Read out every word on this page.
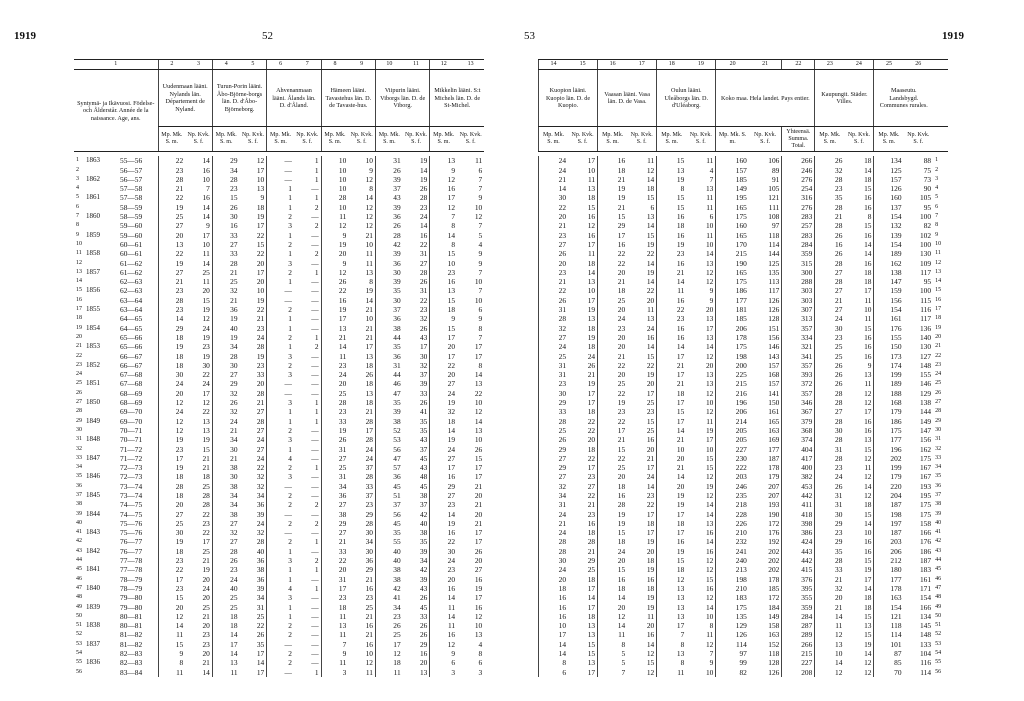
1919	52
1			2	3	4	5	6	7	8	9	10	11	12	13
Syntymä- ja Ikävuosi. Födelse- och Ålderstår. Année de la naissance. Age, ans.			Uudenmaan lääni. Nylands län. Département de Nyland.		Turun-Porin lääni. Åbo-Björne-borgs län. D. d'Åbo-Björneborg.		Ahvenanmaan lääni. Ålands län. D. d'Åland.		Hämeen lääni. Tavastehus län. D. de Tavaste-hus.		Viipurin lääni. Viborgs län. D. de Viborg.		Mikkelin lääni. S:t Michels län. D. de St-Michel.	
			Mp. Mk. S. m.	Np. Kvk. S. f.	Mp. Mk. S. m.	Np. Kvk. S. f.	Mp. Mk. S. m.	Np. Kvk. S. f.	Mp. Mk. S. m.	Np. Kvk. S. f.	Mp. Mk. S. m.	Np. Kvk. S. f.	Mp. Mk. S. m.	Np. Kvk. S. f.

1	1863	55—56	22	14	29	12	—	1	10	10	31	19	13	11
2		56—57	23	16	34	17	—	1	10	9	26	14	9	6
3	1862	56—57	28	10	28	10	—	1	10	12	39	19	12	7
4		57—58	21	7	23	13	1	—	10	8	37	26	16	7
5	1861	57—58	22	16	15	9	1	1	28	14	43	28	17	9
6		58—59	19	14	26	18	1	2	10	12	39	23	12	10
7	1860	58—59	25	14	30	19	2	—	11	12	36	24	7	12
8		59—60	27	9	16	17	3	2	12	12	26	14	8	7
9	1859	59—60	20	17	33	22	1	—	9	21	28	16	14	5
10		60—61	13	10	27	15	2	—	19	10	42	22	8	4
11	1858	60—61	22	11	33	22	1	2	20	11	39	31	15	9
12		61—62	19	14	28	20	3	—	9	11	36	27	10	9
13	1857	61—62	27	25	21	17	2	1	12	13	30	28	23	7
14		62—63	21	11	25	20	1	—	26	8	39	26	16	10
15	1856	62—63	23	20	32	10	—	—	22	19	35	31	13	7
16		63—64	28	15	21	19	—	—	16	14	30	22	15	10
17	1855	63—64	23	19	36	22	2	—	19	21	37	23	18	6
18		64—65	14	12	19	21	1	—	17	10	36	32	9	9
19	1854	64—65	29	24	40	23	1	—	13	21	38	26	15	8
20		65—66	18	19	19	24	2	1	21	21	44	43	17	7
21	1853	65—66	19	23	34	28	1	2	14	17	35	17	20	17
22		66—67	18	19	28	19	3	—	11	13	36	30	17	17
23	1852	66—67	18	30	30	23	2	—	23	18	31	32	22	8
24		67—68	30	22	27	33	3	—	24	26	44	37	20	14
25	1851	67—68	24	24	29	20	—	—	20	18	46	39	27	13
26		68—69	20	17	32	28	—	—	25	13	47	33	24	22
27	1850	68—69	12	12	26	21	3	1	28	18	35	26	19	10
28		69—70	24	22	32	27	1	1	23	21	39	41	32	12
29	1849	69—70	12	13	24	28	1	1	33	28	38	35	18	14
30		70—71	12	13	21	27	2	—	19	17	52	35	14	13
31	1848	70—71	19	19	34	24	3	—	26	28	53	43	19	10
32		71—72	23	15	30	27	1	—	31	24	56	37	24	26
33	1847	71—72	17	21	21	24	4	—	27	24	47	45	27	15
34		72—73	19	21	38	22	2	1	25	37	57	43	17	17
35	1846	72—73	18	18	30	32	3	—	31	28	36	48	16	17
36		73—74	28	25	38	32	—	—	34	33	45	45	29	21
37	1845	73—74	18	28	34	34	2	—	36	37	51	38	27	20
38		74—75	20	28	34	36	2	2	27	23	37	37	23	21
39	1844	74—75	27	22	38	39	—	—	38	29	56	42	14	20
40		75—76	25	23	27	24	2	2	29	28	45	40	19	21
41	1843	75—76	30	22	32	32	—	—	27	30	35	38	16	17
42		76—77	19	17	27	28	2	1	21	34	55	35	22	17
43	1842	76—77	18	25	28	40	1	—	33	30	40	39	30	26
44		77—78	23	21	26	36	3	2	22	36	40	34	24	20
45	1841	77—78	22	19	23	38	1	1	20	29	38	42	23	27
46		78—79	17	20	24	36	1	—	31	21	38	39	20	16
47	1840	78—79	23	24	40	39	4	1	17	16	42	43	16	19
48		79—80	15	20	25	34	3	—	23	23	41	26	14	17
49	1839	79—80	20	25	25	31	1	—	18	25	34	45	11	16
50		80—81	12	21	18	25	1	—	11	21	23	33	14	12
51	1838	80—81	14	20	18	22	2	—	13	16	26	26	11	10
52		81—82	11	23	14	26	2	—	11	21	25	26	16	13
53	1837	81—82	15	23	17	35	—	—	7	16	17	29	12	4
54		82—83	9	20	14	17	2	—	9	10	12	16	9	8
55	1836	82—83	8	21	13	14	2	—	11	12	18	20	6	6
56		83—84	11	14	11	17	—	1	3	11	11	13	3	3
53	1919
14	15	16	17	18	19	20	21	22	23	24	25	26	
Kuopion lääni. Kuopio län. D. de Kuopio.		Vaasan lääni. Vasa län. D. de Vasa.		Oulun lääni. Uleåborgs län. D. d'Uléaborg.		Koko maa. Hela landet. Pays entier.			Kaupungit. Städer. Villes.		Maaseutu. Landsbygd. Communes rurales.		
Mp. Mk. S. m.	Np. Kvk. S. f.	Mp. Mk. S. m.	Np. Kvk. S. f.	Mp. Mk. S. m.	Np. Kvk. S. f.	Mp. Mk. S. m.	Np. Kvk. S. f.	Yhteensä. Summa. Total.	Mp. Mk. S. m.	Np. Kvk. S. f.	Mp. Mk. S. m.	Np. Kvk. S. f.	

24	17	16	11	15	11	160	106	266	26	18	134	88	1
24	10	18	12	13	4	157	89	246	32	14	125	75	2
21	11	21	14	19	7	185	91	276	28	18	157	73	3
14	13	19	18	8	13	149	105	254	23	15	126	90	4
30	18	19	15	15	11	195	121	316	35	16	160	105	5
22	15	21	6	15	11	165	111	276	28	16	137	95	6
20	16	15	13	16	6	175	108	283	21	8	154	100	7
21	12	29	14	18	10	160	97	257	28	15	132	82	8
23	16	17	15	16	11	165	118	283	26	16	139	102	9
27	17	16	19	19	10	170	114	284	16	14	154	100	10
26	11	22	22	23	14	215	144	359	26	14	189	130	11
20	18	22	14	16	13	190	125	315	28	16	162	109	12
23	14	20	19	21	12	165	135	300	27	18	138	117	13
21	13	21	14	14	12	175	113	288	28	18	147	95	14
22	10	18	22	11	9	186	117	303	27	17	159	100	15
26	17	25	20	16	9	177	126	303	21	11	156	115	16
31	19	20	11	22	20	181	126	307	27	10	154	116	17
28	13	24	13	23	13	185	128	313	24	11	161	117	18
32	18	23	24	16	17	206	151	357	30	15	176	136	19
27	19	20	16	16	13	178	156	334	23	16	155	140	20
24	18	20	14	14	14	175	146	321	25	16	150	130	21
25	24	21	15	17	12	198	143	341	25	16	173	127	22
31	26	22	22	21	20	200	157	357	26	9	174	148	23
31	21	20	19	17	13	225	168	393	26	13	199	155	24
23	19	25	20	21	13	215	157	372	26	11	189	146	25
30	17	22	17	18	12	216	141	357	28	12	188	129	26
29	17	19	25	17	10	196	150	346	28	12	168	138	27
33	18	23	23	15	12	206	161	367	27	17	179	144	28
28	22	22	15	17	11	214	165	379	28	16	186	149	29
25	22	17	25	14	19	205	163	368	30	16	175	147	30
26	20	21	16	21	17	205	169	374	28	13	177	156	31
29	18	15	20	10	10	227	177	404	31	15	196	162	32
27	22	22	21	20	15	230	187	417	28	12	202	175	33
29	17	25	17	21	15	222	178	400	23	11	199	167	34
27	23	20	24	14	12	203	179	382	24	12	179	167	35
32	27	18	14	20	19	246	207	453	26	14	220	193	36
34	22	16	23	19	12	235	207	442	31	12	204	195	37
31	21	28	22	19	14	218	193	411	31	18	187	175	38
24	23	19	17	17	14	228	190	418	30	15	198	175	39
21	16	19	18	18	13	226	172	398	29	14	197	158	40
24	18	15	17	17	16	210	176	386	23	10	187	166	41
28	28	18	19	16	14	232	192	424	29	16	203	176	42
28	21	24	20	19	16	241	202	443	35	16	206	186	43
30	29	20	18	15	12	240	202	442	28	15	212	187	44
24	25	15	19	18	12	213	202	415	33	19	180	183	45
20	18	16	16	12	15	198	178	376	21	17	177	161	46
18	17	18	18	13	16	210	185	395	32	14	178	171	47
16	14	14	19	13	12	183	172	355	20	18	163	154	48
16	17	20	19	13	14	175	184	359	21	18	154	166	49
16	18	12	11	13	10	135	149	284	14	15	121	134	50
10	13	14	20	17	8	129	158	287	11	13	118	145	51
17	13	11	16	7	11	126	163	289	12	15	114	148	52
14	15	8	14	8	12	114	152	266	13	19	101	133	53
14	15	5	12	13	7	97	118	215	10	14	87	104	54
8	13	5	15	8	9	99	128	227	14	12	85	116	55
6	17	7	12	11	10	82	126	208	12	12	70	114	56
